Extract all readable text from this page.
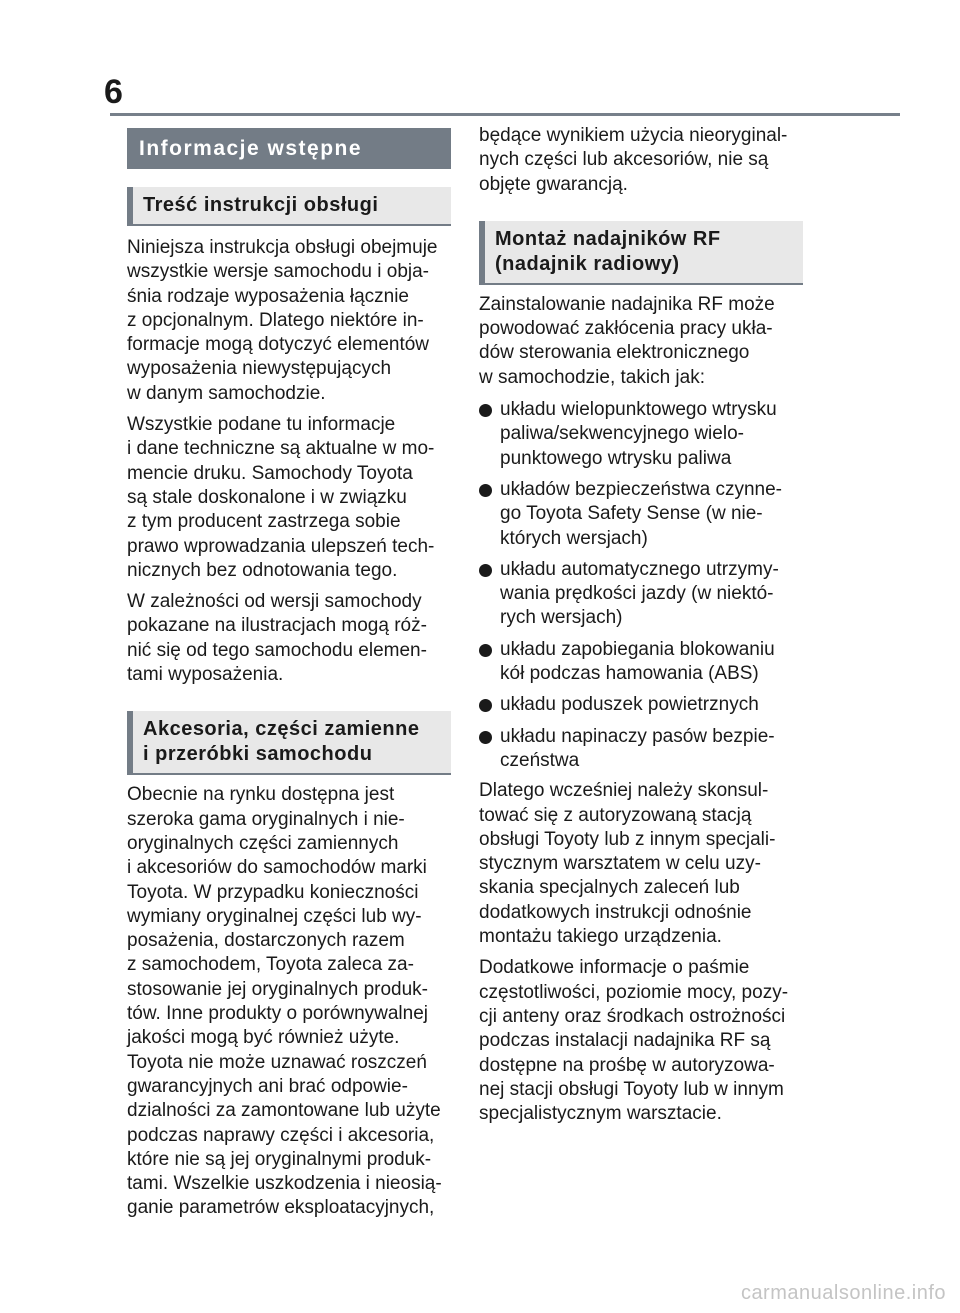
6
Informacje wstępne
Treść instrukcji obsługi
Niniejsza instrukcja obsługi obejmuje
wszystkie wersje samochodu i obja-
śnia rodzaje wyposażenia łącznie
z opcjonalnym. Dlatego niektóre in-
formacje mogą dotyczyć elementów
wyposażenia niewystępujących
w danym samochodzie.
Wszystkie podane tu informacje
i dane techniczne są aktualne w mo-
mencie druku. Samochody Toyota
są stale doskonalone i w związku
z tym producent zastrzega sobie
prawo wprowadzania ulepszeń tech-
nicznych bez odnotowania tego.
W zależności od wersji samochody
pokazane na ilustracjach mogą róż-
nić się od tego samochodu elemen-
tami wyposażenia.
Akcesoria, części zamienne
i przeróbki samochodu
Obecnie na rynku dostępna jest
szeroka gama oryginalnych i nie-
oryginalnych części zamiennych
i akcesoriów do samochodów marki
Toyota. W przypadku konieczności
wymiany oryginalnej części lub wy-
posażenia, dostarczonych razem
z samochodem, Toyota zaleca za-
stosowanie jej oryginalnych produk-
tów. Inne produkty o porównywalnej
jakości mogą być również użyte.
Toyota nie może uznawać roszczeń
gwarancyjnych ani brać odpowie-
dzialności za zamontowane lub użyte
podczas naprawy części i akcesoria,
które nie są jej oryginalnymi produk-
tami. Wszelkie uszkodzenia i nieosią-
ganie parametrów eksploatacyjnych,
będące wynikiem użycia nieoryginal-
nych części lub akcesoriów, nie są
objęte gwarancją.
Montaż nadajników RF
(nadajnik radiowy)
Zainstalowanie nadajnika RF może
powodować zakłócenia pracy ukła-
dów sterowania elektronicznego
w samochodzie, takich jak:
układu wielopunktowego wtrysku
paliwa/sekwencyjnego wielo-
punktowego wtrysku paliwa
układów bezpieczeństwa czynne-
go Toyota Safety Sense (w nie-
których wersjach)
układu automatycznego utrzymy-
wania prędkości jazdy (w niektó-
rych wersjach)
układu zapobiegania blokowaniu
kół podczas hamowania (ABS)
układu poduszek powietrznych
układu napinaczy pasów bezpie-
czeństwa
Dlatego wcześniej należy skonsul-
tować się z autoryzowaną stacją
obsługi Toyoty lub z innym specjali-
stycznym warsztatem w celu uzy-
skania specjalnych zaleceń lub
dodatkowych instrukcji odnośnie
montażu takiego urządzenia.
Dodatkowe informacje o paśmie
częstotliwości, poziomie mocy, pozy-
cji anteny oraz środkach ostrożności
podczas instalacji nadajnika RF są
dostępne na prośbę w autoryzowa-
nej stacji obsługi Toyoty lub w innym
specjalistycznym warsztacie.
carmanualsonline.info
